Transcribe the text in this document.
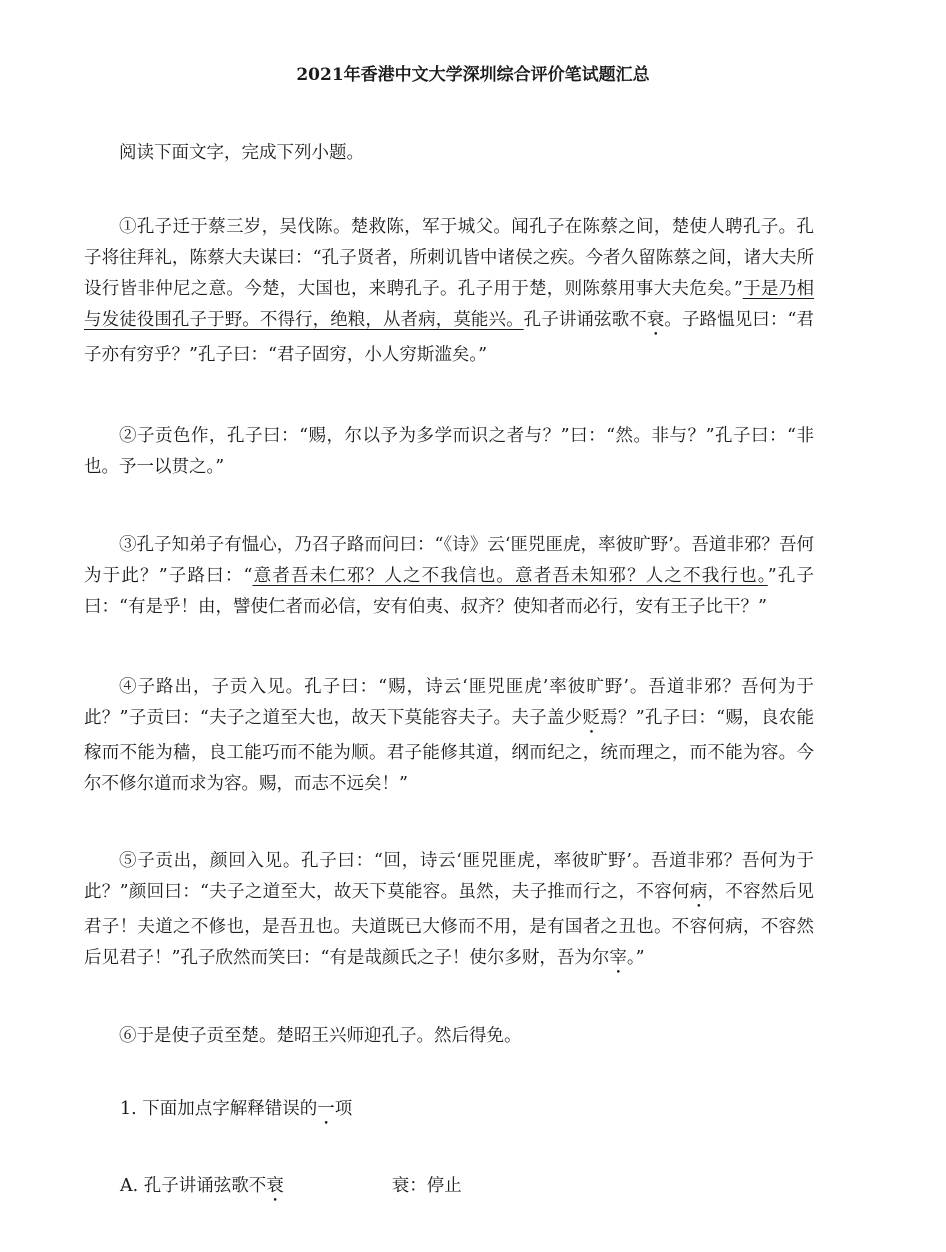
2021年香港中文大学深圳综合评价笔试题汇总
阅读下面文字，完成下列小题。
①孔子迁于蔡三岁，吴伐陈。楚救陈，军于城父。闻孔子在陈蔡之间，楚使人聘孔子。孔子将往拜礼，陈蔡大夫谋曰：“孔子贤者，所刺讥皆中诸侯之疾。今者久留陈蔡之间，诸大夫所设行皆非仲尼之意。今楚，大国也，来聘孔子。孔子用于楚，则陈蔡用事大夫危矣。”于是乃相与发徒役围孔子于野。不得行，绝粮，从者病，莫能兴。孔子讲诵弦歌不衰。子路愠见曰：“君子亦有穷乎？”孔子曰：“君子固穷，小人穷斯滥矣。”
②子贡色作，孔子曰：“赐，尔以予为多学而识之者与？”曰：“然。非与？”孔子曰：“非也。予一以贯之。”
③孔子知弟子有愠心，乃召子路而问曰：“《诗》云‘匪兕匪虎，率彼旷野’。吾道非邪？吾何为于此？”子路曰：“意者吾未仁邪？人之不我信也。意者吾未知邪？人之不我行也。”孔子曰：“有是乎！由，譬使仁者而必信，安有伯夷、叔齐？使知者而必行，安有王子比干？”
④子路出，子贡入见。孔子曰：“赐，诗云‘匪兕匪虎’率彼旷野’。吾道非邪？吾何为于此？”子贡曰：“夫子之道至大也，故天下莫能容夫子。夫子盖少贬焉？”孔子曰：“赐，良农能稼而不能为穑，良工能巧而不能为顺。君子能修其道，纲而纪之，统而理之，而不能为容。今尔不修尔道而求为容。赐，而志不远矣！”
⑤子贡出，颜回入见。孔子曰：“回，诗云‘匪兕匪虎，率彼旷野’。吾道非邪？吾何为于此？”颜回曰：“夫子之道至大，故天下莫能容。虽然，夫子推而行之，不容何病，不容然后见君子！夫道之不修也，是吾丑也。夫道既已大修而不用，是有国者之丑也。不容何病，不容然后见君子！”孔子欣然而笑曰：“有是哉颜氏之子！使尔多财，吾为尔宰。”
⑥于是使子贡至楚。楚昭王兴师迎孔子。然后得免。
1. 下面加点字解释错误的一项
A. 孔子讲诵弦歌不衰	衰：停止
